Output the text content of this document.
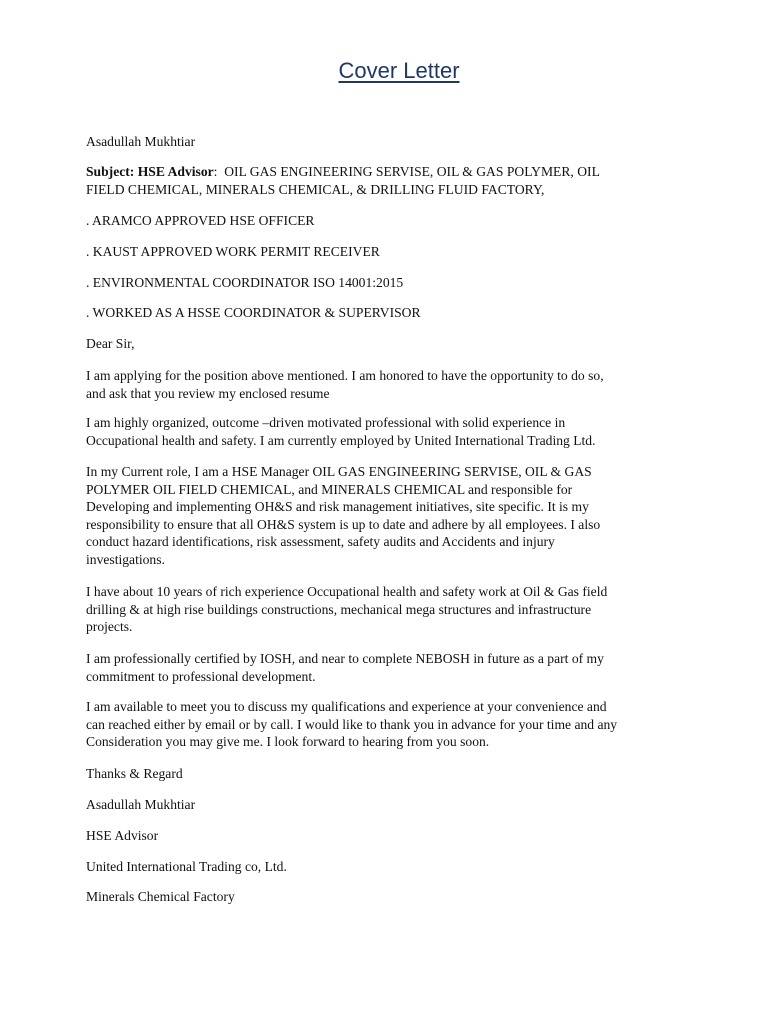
Cover Letter

Asadullah Mukhtiar

Subject: HSE Advisor:  OIL GAS ENGINEERING SERVISE, OIL & GAS POLYMER, OIL
FIELD CHEMICAL, MINERALS CHEMICAL, & DRILLING FLUID FACTORY,

. ARAMCO APPROVED HSE OFFICER

. KAUST APPROVED WORK PERMIT RECEIVER

. ENVIRONMENTAL COORDINATOR ISO 14001:2015

. WORKED AS A HSSE COORDINATOR & SUPERVISOR

Dear Sir,

I am applying for the position above mentioned. I am honored to have the opportunity to do so,
and ask that you review my enclosed resume
I am highly organized, outcome –driven motivated professional with solid experience in
Occupational health and safety. I am currently employed by United International Trading Ltd.
In my Current role, I am a HSE Manager OIL GAS ENGINEERING SERVISE, OIL & GAS
POLYMER OIL FIELD CHEMICAL, and MINERALS CHEMICAL and responsible for
Developing and implementing OH&S and risk management initiatives, site specific. It is my
responsibility to ensure that all OH&S system is up to date and adhere by all employees. I also
conduct hazard identifications, risk assessment, safety audits and Accidents and injury
investigations.
I have about 10 years of rich experience Occupational health and safety work at Oil & Gas field
drilling & at high rise buildings constructions, mechanical mega structures and infrastructure
projects.
I am professionally certified by IOSH, and near to complete NEBOSH in future as a part of my
commitment to professional development.
I am available to meet you to discuss my qualifications and experience at your convenience and
can reached either by email or by call. I would like to thank you in advance for your time and any
Consideration you may give me. I look forward to hearing from you soon.

Thanks & Regard

Asadullah Mukhtiar

HSE Advisor

United International Trading co, Ltd.

Minerals Chemical Factory
